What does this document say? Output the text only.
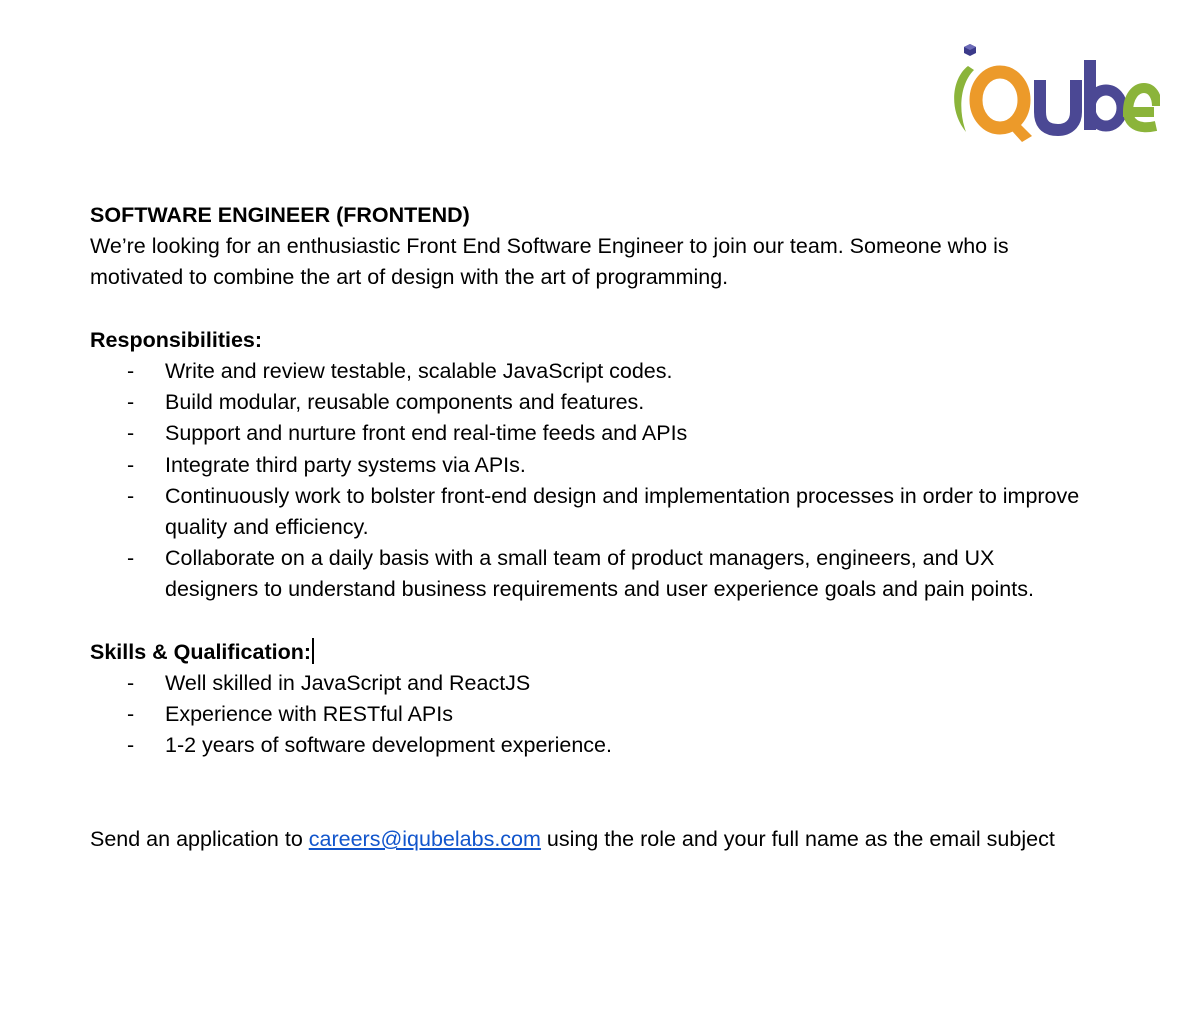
SOFTWARE ENGINEER (FRONTEND)

We’re looking for an enthusiastic Front End Software Engineer to join our team. Someone who is motivated to combine the art of design with the art of programming.

Responsibilities:

- Write and review testable, scalable JavaScript codes.
- Build modular, reusable components and features.
- Support and nurture front end real-time feeds and APIs
- Integrate third party systems via APIs.
- Continuously work to bolster front-end design and implementation processes in order to improve quality and efficiency.
- Collaborate on a daily basis with a small team of product managers, engineers, and UX designers to understand business requirements and user experience goals and pain points.

Skills & Qualification:

- Well skilled in JavaScript and ReactJS
- Experience with RESTful APIs
- 1-2 years of software development experience.

Send an application to careers@iqubelabs.com using the role and your full name as the email subject
